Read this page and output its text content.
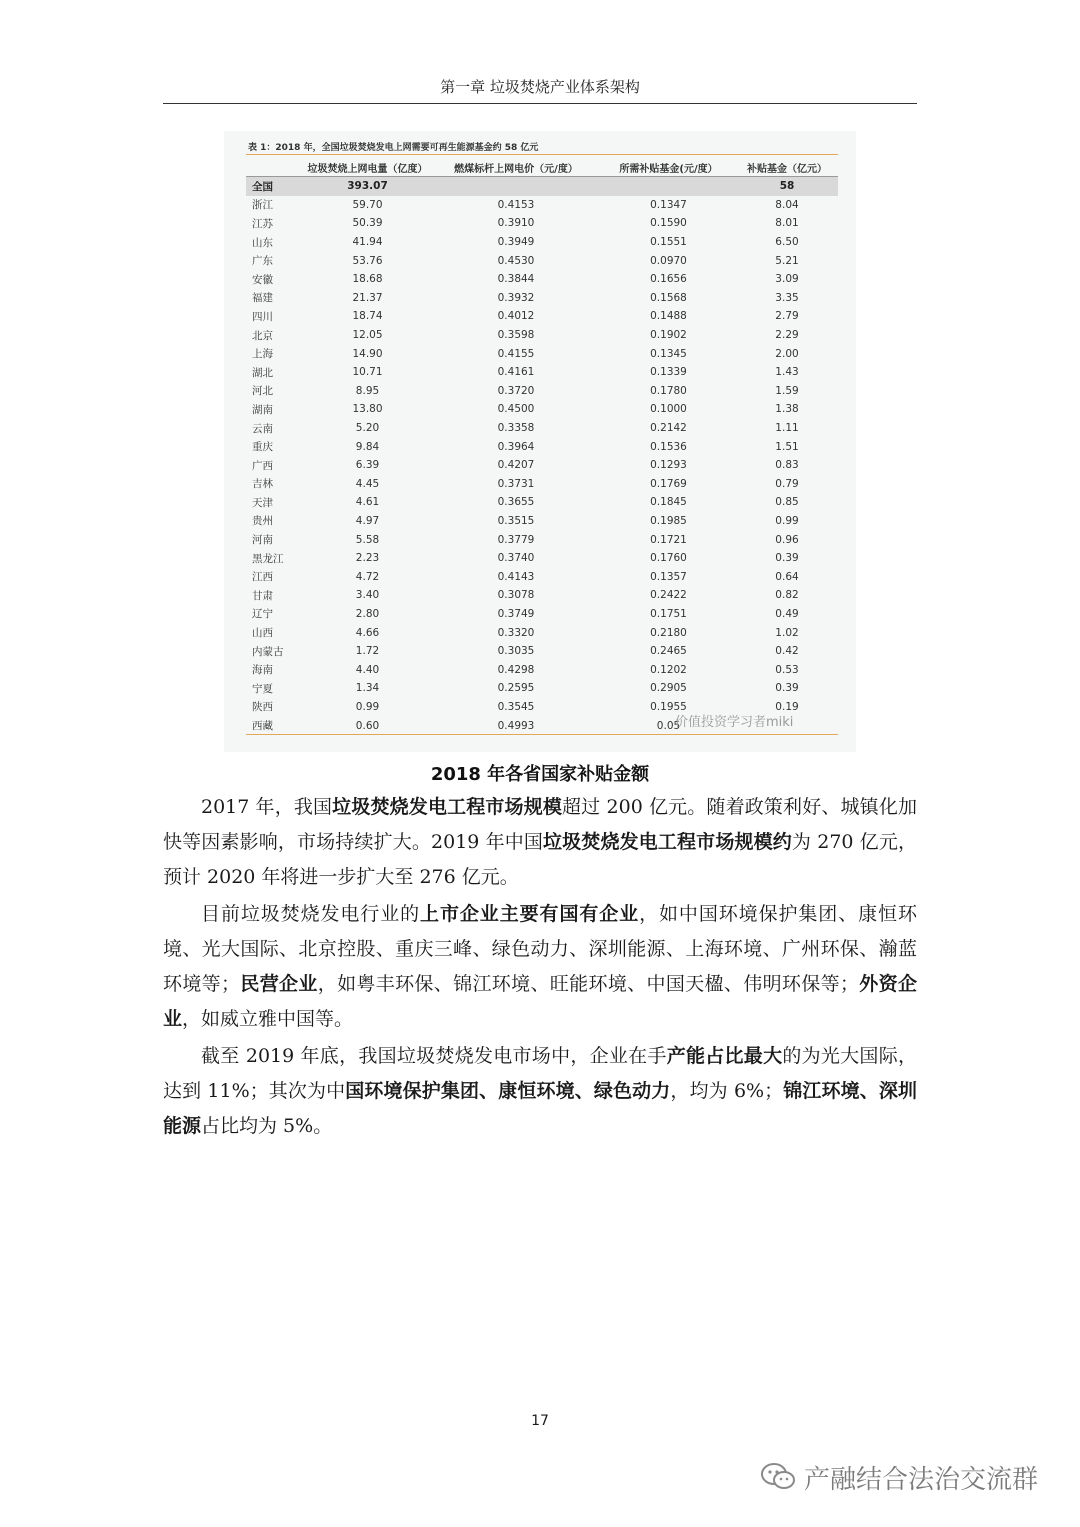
第一章 垃圾焚烧产业体系架构
表 1：2018 年，全国垃圾焚烧发电上网需要可再生能源基金约 58 亿元
	垃圾焚烧上网电量（亿度）	燃煤标杆上网电价（元/度）	所需补贴基金(元/度）	补贴基金（亿元）
全国	393.07			58
浙江	59.70	0.4153	0.1347	8.04
江苏	50.39	0.3910	0.1590	8.01
山东	41.94	0.3949	0.1551	6.50
广东	53.76	0.4530	0.0970	5.21
安徽	18.68	0.3844	0.1656	3.09
福建	21.37	0.3932	0.1568	3.35
四川	18.74	0.4012	0.1488	2.79
北京	12.05	0.3598	0.1902	2.29
上海	14.90	0.4155	0.1345	2.00
湖北	10.71	0.4161	0.1339	1.43
河北	8.95	0.3720	0.1780	1.59
湖南	13.80	0.4500	0.1000	1.38
云南	5.20	0.3358	0.2142	1.11
重庆	9.84	0.3964	0.1536	1.51
广西	6.39	0.4207	0.1293	0.83
吉林	4.45	0.3731	0.1769	0.79
天津	4.61	0.3655	0.1845	0.85
贵州	4.97	0.3515	0.1985	0.99
河南	5.58	0.3779	0.1721	0.96
黑龙江	2.23	0.3740	0.1760	0.39
江西	4.72	0.4143	0.1357	0.64
甘肃	3.40	0.3078	0.2422	0.82
辽宁	2.80	0.3749	0.1751	0.49
山西	4.66	0.3320	0.2180	1.02
内蒙古	1.72	0.3035	0.2465	0.42
海南	4.40	0.4298	0.1202	0.53
宁夏	1.34	0.2595	0.2905	0.39
陕西	0.99	0.3545	0.1955	0.19
西藏	0.60	0.4993	0.05	
价值投资学习者miki
2018 年各省国家补贴金额

2017 年，我国垃圾焚烧发电工程市场规模超过 200 亿元。随着政策利好、城镇化加快等因素影响，市场持续扩大。2019 年中国垃圾焚烧发电工程市场规模约为 270 亿元，预计 2020 年将进一步扩大至 276 亿元。

目前垃圾焚烧发电行业的上市企业主要有国有企业，如中国环境保护集团、康恒环境、光大国际、北京控股、重庆三峰、绿色动力、深圳能源、上海环境、广州环保、瀚蓝环境等；民营企业，如粤丰环保、锦江环境、旺能环境、中国天楹、伟明环保等；外资企业，如威立雅中国等。

截至 2019 年底，我国垃圾焚烧发电市场中，企业在手产能占比最大的为光大国际，达到 11%；其次为中国环境保护集团、康恒环境、绿色动力，均为 6%；锦江环境、深圳能源占比均为 5%。

17
产融结合法治交流群
